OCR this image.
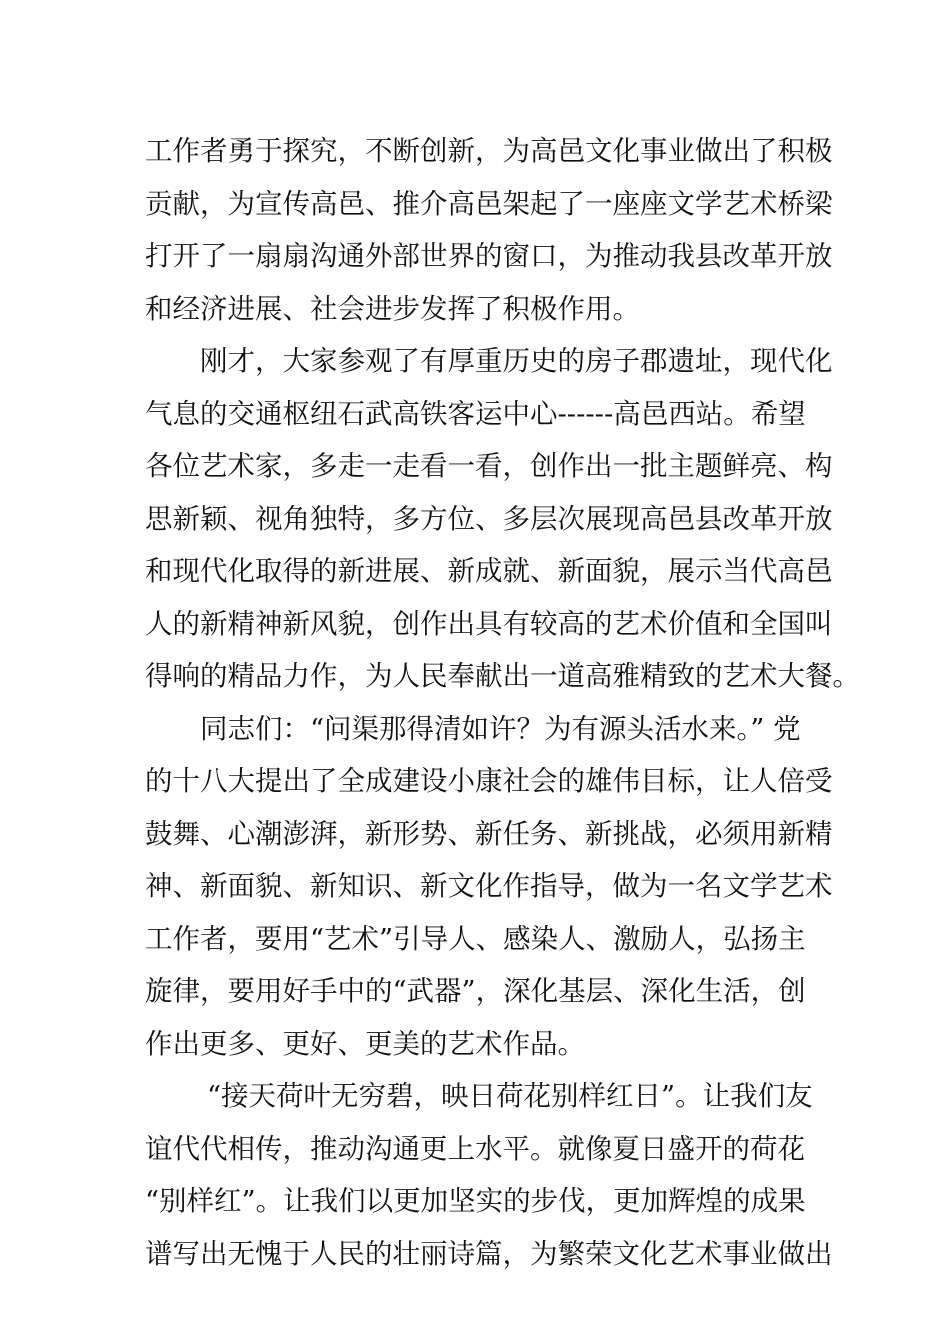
工作者勇于探究，不断创新，为高邑文化事业做出了积极
贡献，为宣传高邑、推介高邑架起了一座座文学艺术桥梁
打开了一扇扇沟通外部世界的窗口，为推动我县改革开放
和经济进展、社会进步发挥了积极作用。
刚才，大家参观了有厚重历史的房子郡遗址，现代化
气息的交通枢纽石武高铁客运中心------高邑西站。希望
各位艺术家，多走一走看一看，创作出一批主题鲜亮、构
思新颖、视角独特，多方位、多层次展现高邑县改革开放
和现代化取得的新进展、新成就、新面貌，展示当代高邑
人的新精神新风貌，创作出具有较高的艺术价值和全国叫
得响的精品力作，为人民奉献出一道高雅精致的艺术大餐。
同志们：“问渠那得清如许？为有源头活水来。” 党
的十八大提出了全成建设小康社会的雄伟目标，让人倍受
鼓舞、心潮澎湃，新形势、新任务、新挑战，必须用新精
神、新面貌、新知识、新文化作指导，做为一名文学艺术
工作者，要用“艺术”引导人、感染人、激励人，弘扬主
旋律，要用好手中的“武器”，深化基层、深化生活，创
作出更多、更好、更美的艺术作品。
“接天荷叶无穷碧，映日荷花别样红日”。让我们友
谊代代相传，推动沟通更上水平。就像夏日盛开的荷花
“别样红”。让我们以更加坚实的步伐，更加辉煌的成果
谱写出无愧于人民的壮丽诗篇，为繁荣文化艺术事业做出
